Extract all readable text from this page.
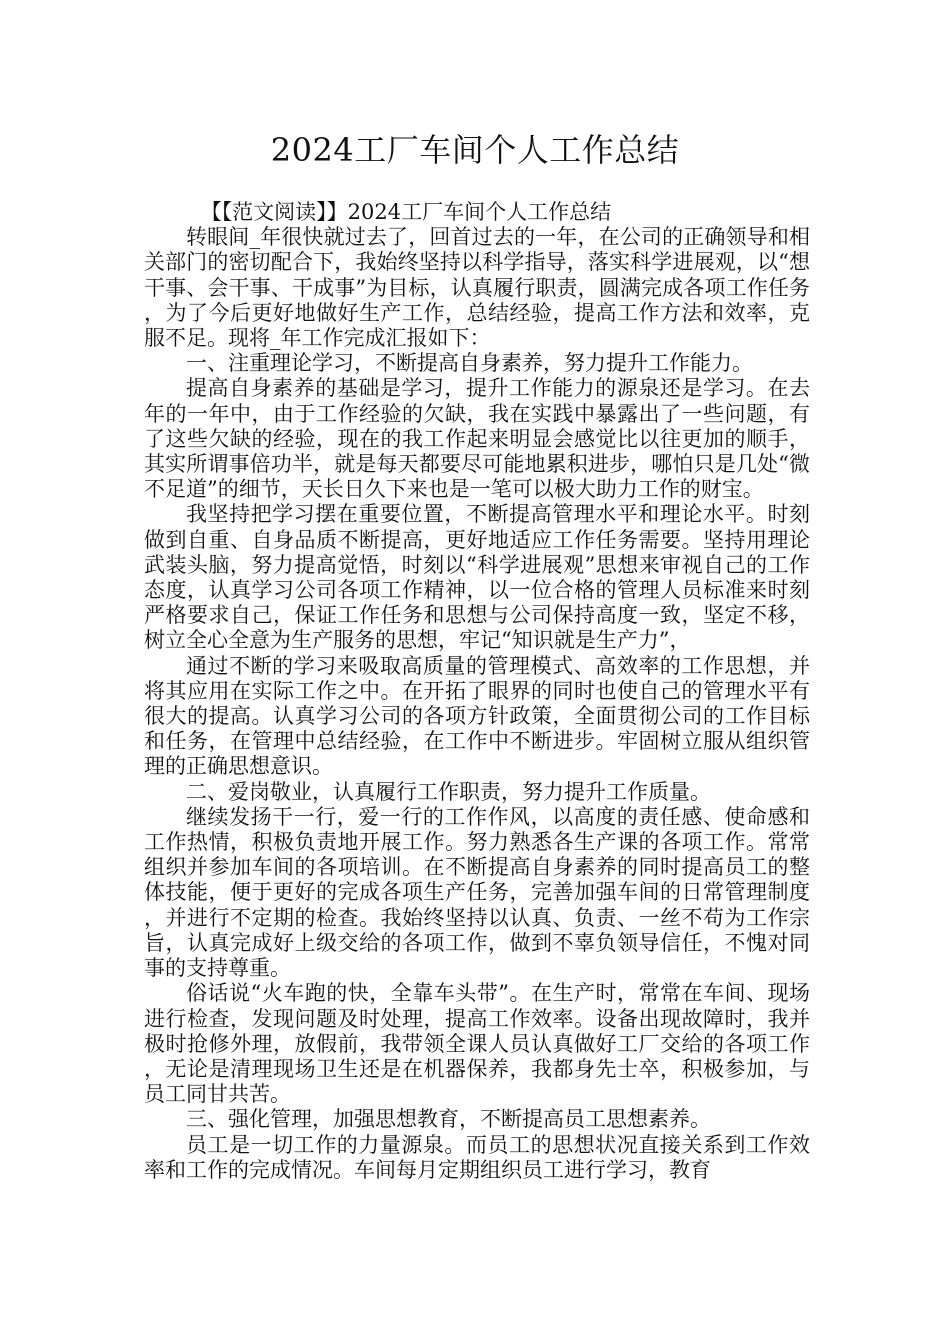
2024工厂车间个人工作总结

【【范文阅读】】2024工厂车间个人工作总结

转眼间_年很快就过去了，回首过去的一年，在公司的正确领导和相关部门的密切配合下，我始终坚持以科学指导，落实科学进展观，以“想干事、会干事、干成事”为目标，认真履行职责，圆满完成各项工作任务，为了今后更好地做好生产工作，总结经验，提高工作方法和效率，克服不足。现将_年工作完成汇报如下：

一、注重理论学习，不断提高自身素养，努力提升工作能力。

提高自身素养的基础是学习，提升工作能力的源泉还是学习。在去年的一年中，由于工作经验的欠缺，我在实践中暴露出了一些问题，有了这些欠缺的经验，现在的我工作起来明显会感觉比以往更加的顺手，其实所谓事倍功半，就是每天都要尽可能地累积进步，哪怕只是几处“微不足道”的细节，天长日久下来也是一笔可以极大助力工作的财宝。

我坚持把学习摆在重要位置，不断提高管理水平和理论水平。时刻做到自重、自身品质不断提高，更好地适应工作任务需要。坚持用理论武装头脑，努力提高觉悟，时刻以“科学进展观”思想来审视自己的工作态度，认真学习公司各项工作精神，以一位合格的管理人员标准来时刻严格要求自己，保证工作任务和思想与公司保持高度一致，坚定不移，树立全心全意为生产服务的思想，牢记“知识就是生产力”，

通过不断的学习来吸取高质量的管理模式、高效率的工作思想，并将其应用在实际工作之中。在开拓了眼界的同时也使自己的管理水平有很大的提高。认真学习公司的各项方针政策，全面贯彻公司的工作目标和任务，在管理中总结经验，在工作中不断进步。牢固树立服从组织管理的正确思想意识。

二、爱岗敬业，认真履行工作职责，努力提升工作质量。

继续发扬干一行，爱一行的工作作风，以高度的责任感、使命感和工作热情，积极负责地开展工作。努力熟悉各生产课的各项工作。常常组织并参加车间的各项培训。在不断提高自身素养的同时提高员工的整体技能，便于更好的完成各项生产任务，完善加强车间的日常管理制度，并进行不定期的检查。我始终坚持以认真、负责、一丝不苟为工作宗旨，认真完成好上级交给的各项工作，做到不辜负领导信任，不愧对同事的支持尊重。

俗话说“火车跑的快，全靠车头带”。在生产时，常常在车间、现场进行检查，发现问题及时处理，提高工作效率。设备出现故障时，我并极时抢修外理，放假前，我带领全课人员认真做好工厂交给的各项工作，无论是清理现场卫生还是在机器保养，我都身先士卒，积极参加，与员工同甘共苦。

三、强化管理，加强思想教育，不断提高员工思想素养。

员工是一切工作的力量源泉。而员工的思想状况直接关系到工作效率和工作的完成情况。车间每月定期组织员工进行学习，教育
